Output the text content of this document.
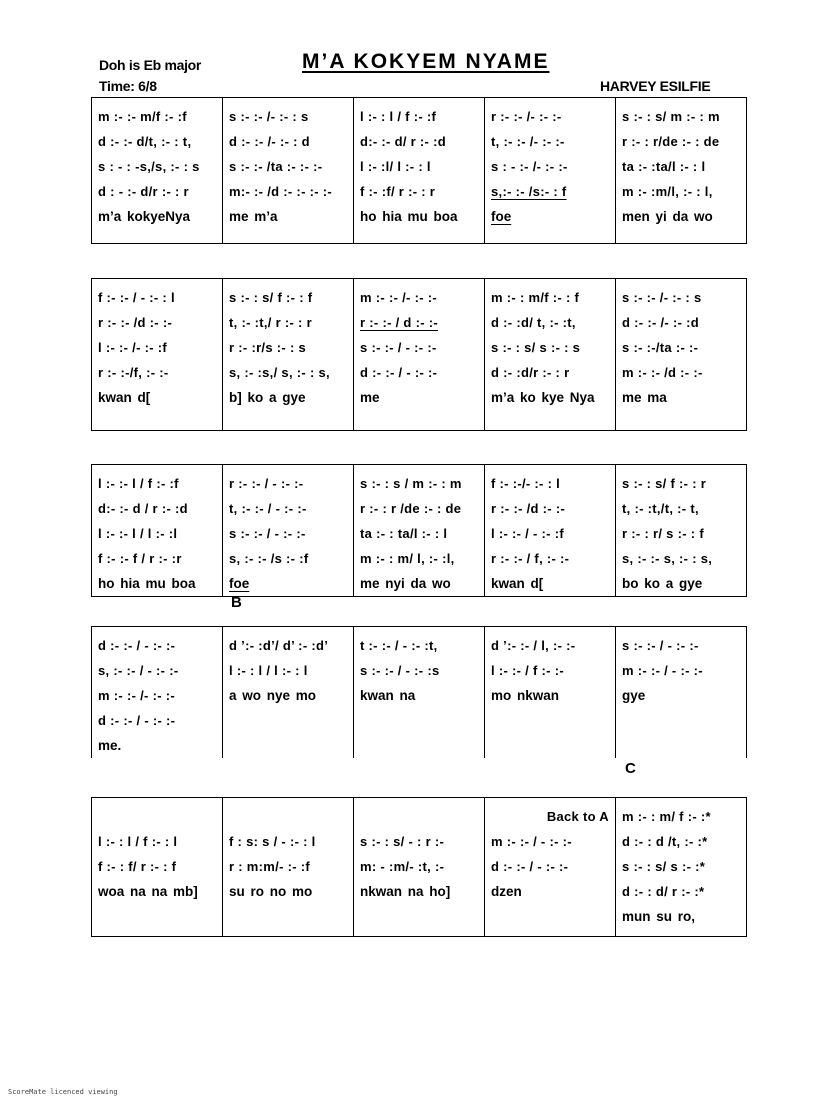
Doh is Eb major
Time: 6/8
M’A KOKYEM NYAME
HARVEY ESILFIE
m :- :- m/f :- :f
d :- :- d/t, :- : t,
s : - : -s,/s, :- : s
d : - :- d/r :- : r
m’a kokyeNya

s :- :- /- :- : s
d :- :- /- :- : d
s :- :- /ta :- :- :-
m:- :- /d :- :- :- :-
me m’a

l :- : l / f :- :f
d:- :- d/ r :- :d
l :- :l/ l :- : l
f :- :f/ r :- : r
ho hia mu boa

r :- :- /- :- :-
t, :- :- /- :- :-
s : - :- /- :- :-
s,:- :- /s:- : f
foe

s :- : s/ m :- : m
r :- : r/de :- : de
ta :- :ta/l :- : l
m :- :m/l, :- : l,
men yi da wo
f :- :- / - :- : l
r :- :- /d :- :-
l :- :- /- :- :f
r :- :-/f, :- :-
kwan d[

s :- : s/ f :- : f
t, :- :t,/ r :- : r
r :- :r/s :- : s
s, :- :s,/ s, :- : s,
b] ko a gye

m :- :- /- :- :-
r :- :- / d :- :-
s :- :- / - :- :-
d :- :- / - :- :-
me

m :- : m/f :- : f
d :- :d/ t, :- :t,
s :- : s/ s :- : s
d :- :d/r :- : r
m’a ko kye Nya

s :- :- /- :- : s
d :- :- /- :- :d
s :- :-/ta :- :-
m :- :- /d :- :-
me ma
l :- :- l / f :- :f
d:- :- d / r :- :d
l :- :- l / l :- :l
f :- :- f / r :- :r
ho hia mu boa

r :- :- / - :- :-
t, :- :- / - :- :-
s :- :- / - :- :-
s, :- :- /s :- :f
foe

s :- : s / m :- : m
r :- : r /de :- : de
ta :- : ta/l :- : l
m :- : m/ l, :- :l,
me nyi da wo

f :- :-/- :- : l
r :- :- /d :- :-
l :- :- / - :- :f
r :- :- / f, :- :-
kwan d[

s :- : s/ f :- : r
t, :- :t,/t, :- t,
r :- : r/ s :- : f
s, :- :- s, :- : s,
bo ko a gye
d :- :- / - :- :-
s, :- :- / - :- :-
m :- :- /- :- :-
d :- :- / - :- :-
me.

d ’:- :d’/ d’ :- :d’
l :- : l / l :- : l
a wo nye mo

t :- :- / - :- :t,
s :- :- / - :- :s
kwan na

d ’:- :- / l, :- :-
l :- :- / f :- :-
mo nkwan

s :- :- / - :- :-
m :- :- / - :- :-
gye
l :- : l / f :- : l
f :- : f/ r :- : f
woa na na mb]

f : s: s / - :- : l
r : m:m/- :- :f
su ro no mo

s :- : s/ - : r :-
m: - :m/- :t, :-
nkwan na ho]

Back to A
m :- :- / - :- :-
d :- :- / - :- :-
dzen

m :- : m/ f :- :*
d :- : d /t, :- :*
s :- : s/ s :- :*
d :- : d/ r :- :*
mun su ro,
B
C
ScoreMate licenced viewing
